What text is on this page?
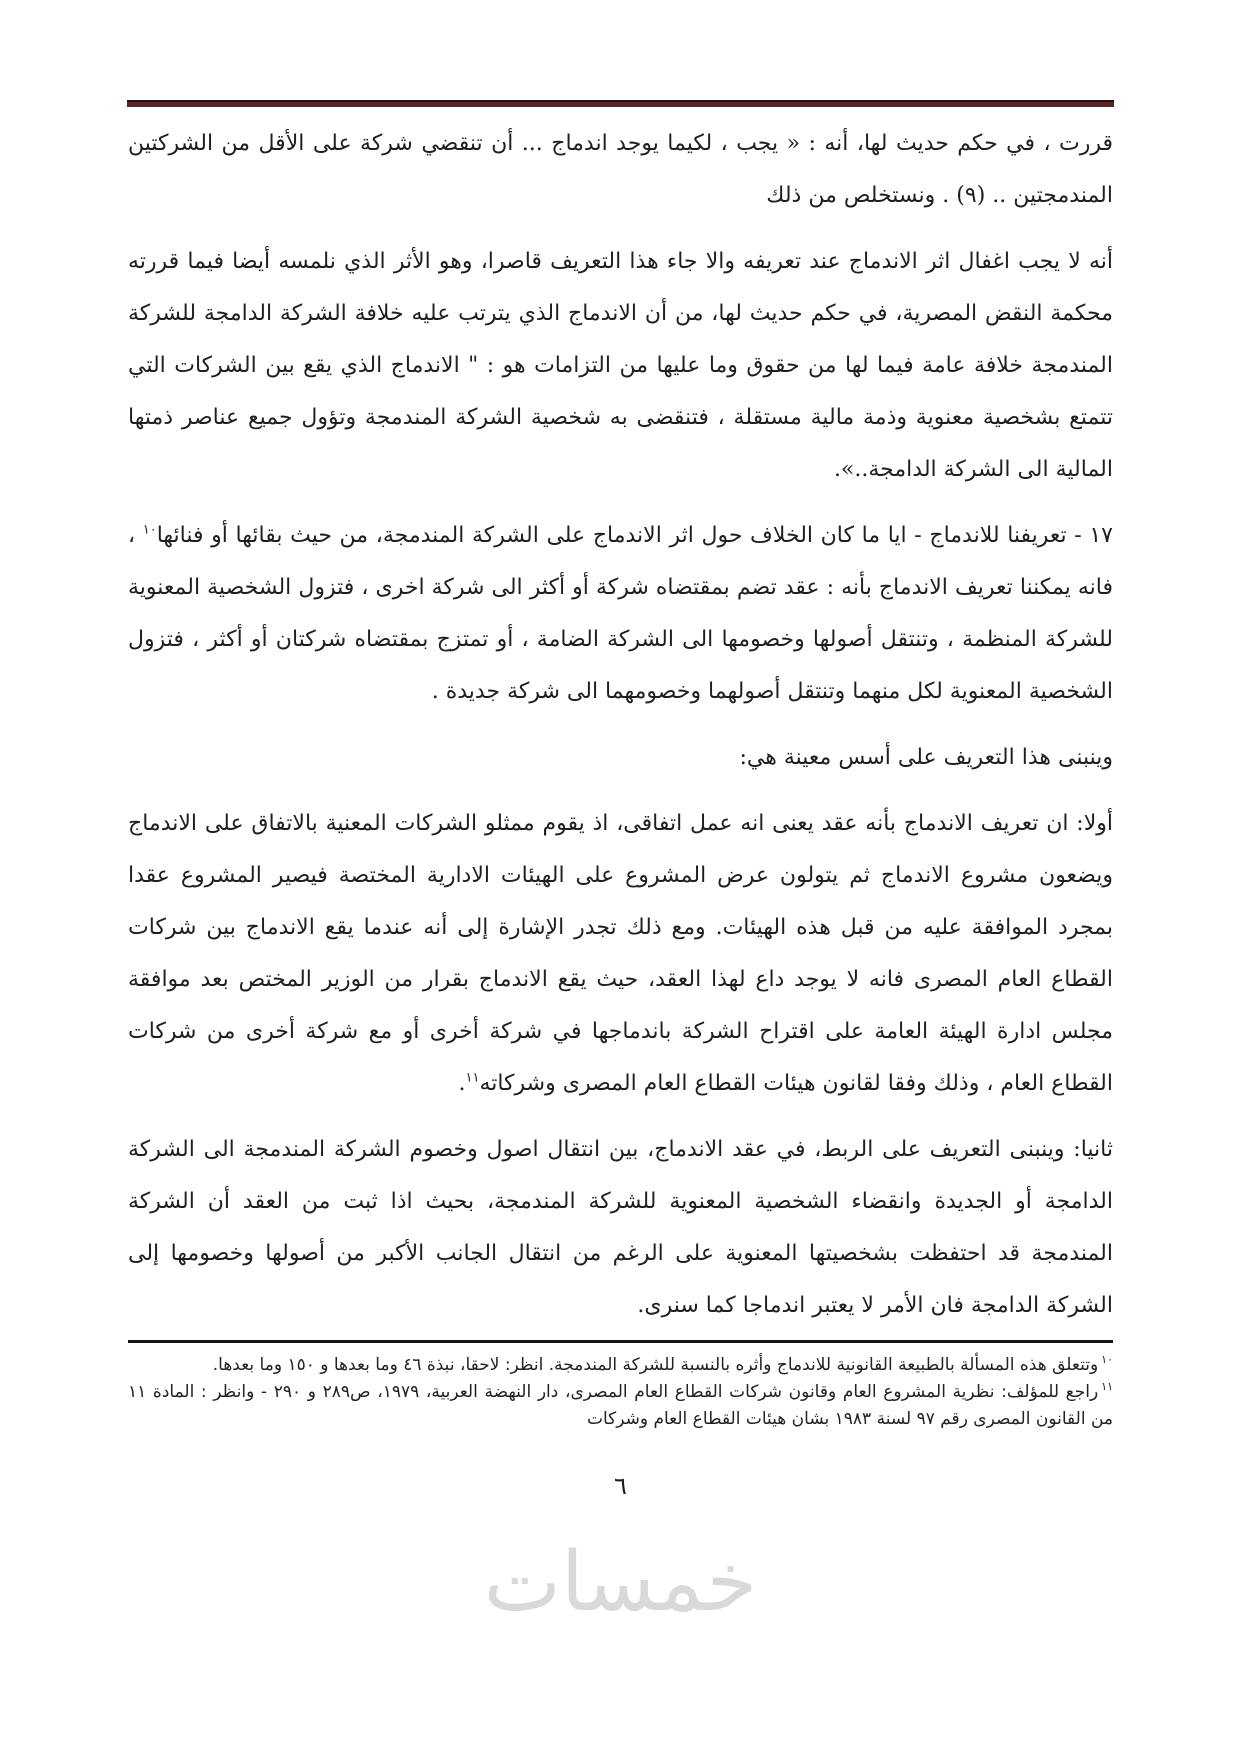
قررت ، في حكم حديث لها، أنه : « يجب ، لكيما يوجد اندماج ... أن تنقضي شركة على الأقل من الشركتين المندمجتين .. (٩) . ونستخلص من ذلك

أنه لا يجب اغفال اثر الاندماج عند تعريفه والا جاء هذا التعريف قاصرا، وهو الأثر الذي نلمسه أيضا فيما قررته محكمة النقض المصرية، في حكم حديث لها، من أن الاندماج الذي يترتب عليه خلافة الشركة الدامجة للشركة المندمجة خلافة عامة فيما لها من حقوق وما عليها من التزامات هو : " الاندماج الذي يقع بين الشركات التي تتمتع بشخصية معنوية وذمة مالية مستقلة ، فتنقضى به شخصية الشركة المندمجة وتؤول جميع عناصر ذمتها المالية الى الشركة الدامجة..».

١٧ - تعريفنا للاندماج - ايا ما كان الخلاف حول اثر الاندماج على الشركة المندمجة، من حيث بقائها أو فنائها$^{١٠}$ ، فانه يمكننا تعريف الاندماج بأنه : عقد تضم بمقتضاه شركة أو أكثر الى شركة اخرى ، فتزول الشخصية المعنوية للشركة المنظمة ، وتنتقل أصولها وخصومها الى الشركة الضامة ، أو تمتزج بمقتضاه شركتان أو أكثر ، فتزول الشخصية المعنوية لكل منهما وتنتقل أصولهما وخصومهما الى شركة جديدة .

وينبنى هذا التعريف على أسس معينة هي:

أولا: ان تعريف الاندماج بأنه عقد يعنى انه عمل اتفاقى، اذ يقوم ممثلو الشركات المعنية بالاتفاق على الاندماج ويضعون مشروع الاندماج ثم يتولون عرض المشروع على الهيئات الادارية المختصة فيصير المشروع عقدا بمجرد الموافقة عليه من قبل هذه الهيئات. ومع ذلك تجدر الإشارة إلى أنه عندما يقع الاندماج بين شركات القطاع العام المصرى فانه لا يوجد داع لهذا العقد، حيث يقع الاندماج بقرار من الوزير المختص بعد موافقة مجلس ادارة الهيئة العامة على اقتراح الشركة باندماجها في شركة أخرى أو مع شركة أخرى من شركات القطاع العام ، وذلك وفقا لقانون هيئات القطاع العام المصرى وشركاته$^{١١}$.

ثانيا: وينبنى التعريف على الربط، في عقد الاندماج، بين انتقال اصول وخصوم الشركة المندمجة الى الشركة الدامجة أو الجديدة وانقضاء الشخصية المعنوية للشركة المندمجة، بحيث اذا ثبت من العقد أن الشركة المندمجة قد احتفظت بشخصيتها المعنوية على الرغم من انتقال الجانب الأكبر من أصولها وخصومها إلى الشركة الدامجة فان الأمر لا يعتبر اندماجا كما سنرى.

$^{١٠}$وتتعلق هذه المسألة بالطبيعة القانونية للاندماج وأثره بالنسبة للشركة المندمجة. انظر: لاحقا، نبذة ٤٦ وما بعدها و ١٥٠ وما بعدها.

$^{١١}$راجع للمؤلف: نظرية المشروع العام وقانون شركات القطاع العام المصرى، دار النهضة العربية، ١٩٧٩، ص٢٨٩ و ٢٩٠ - وانظر : المادة ١١ من القانون المصرى رقم ٩٧ لسنة ١٩٨٣ بشان هيئات القطاع العام وشركات

٦
خمسات
